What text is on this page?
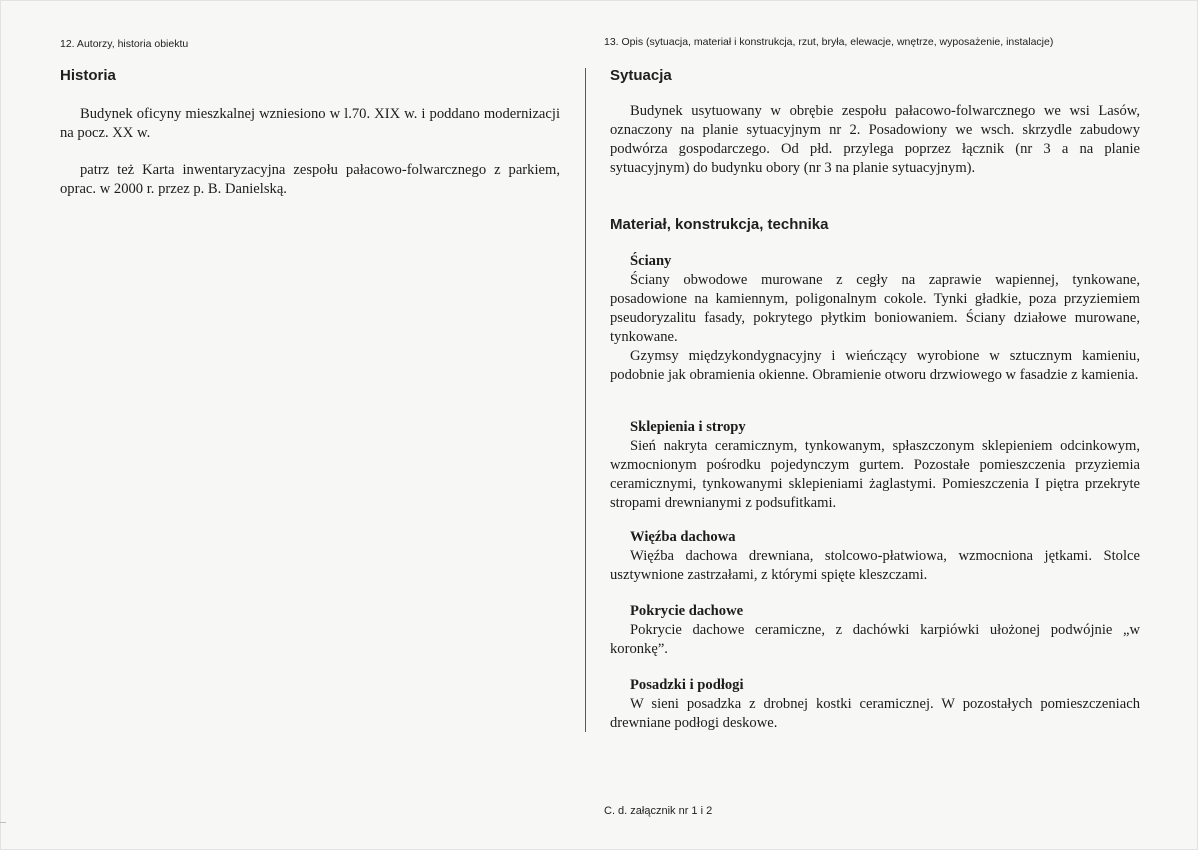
12. Autorzy, historia obiektu
Historia

Budynek oficyny mieszkalnej wzniesiono w l.70. XIX w. i poddano modernizacji na pocz. XX w.

patrz też Karta inwentaryzacyjna zespołu pałacowo-folwarcznego z parkiem, oprac. w 2000 r. przez p. B. Danielską.

13. Opis (sytuacja, materiał i konstrukcja, rzut, bryła, elewacje, wnętrze, wyposażenie, instalacje)
Sytuacja

Budynek usytuowany w obrębie zespołu pałacowo-folwarcznego we wsi Lasów, oznaczony na planie sytuacyjnym nr 2. Posadowiony we wsch. skrzydle zabudowy podwórza gospodarczego. Od płd. przylega poprzez łącznik (nr 3 a na planie sytuacyjnym) do budynku obory (nr 3 na planie sytuacyjnym).

Materiał, konstrukcja, technika
Ściany

Ściany obwodowe murowane z cegły na zaprawie wapiennej, tynkowane, posadowione na kamiennym, poligonalnym cokole. Tynki gładkie, poza przyziemiem pseudoryzalitu fasady, pokrytego płytkim boniowaniem. Ściany działowe murowane, tynkowane.

Gzymsy międzykondygnacyjny i wieńczący wyrobione w sztucznym kamieniu, podobnie jak obramienia okienne. Obramienie otworu drzwiowego w fasadzie z kamienia.

Sklepienia i stropy

Sień nakryta ceramicznym, tynkowanym, spłaszczonym sklepieniem odcinkowym, wzmocnionym pośrodku pojedynczym gurtem. Pozostałe pomieszczenia przyziemia ceramicznymi, tynkowanymi sklepieniami żaglastymi. Pomieszczenia I piętra przekryte stropami drewnianymi z podsufitkami.

Więźba dachowa

Więźba dachowa drewniana, stolcowo-płatwiowa, wzmocniona jętkami. Stolce usztywnione zastrzałami, z którymi spięte kleszczami.

Pokrycie dachowe

Pokrycie dachowe ceramiczne, z dachówki karpiówki ułożonej podwójnie „w koronkę”.

Posadzki i podłogi

W sieni posadzka z drobnej kostki ceramicznej. W pozostałych pomieszczeniach drewniane podłogi deskowe.

C. d. załącznik nr 1 i 2
